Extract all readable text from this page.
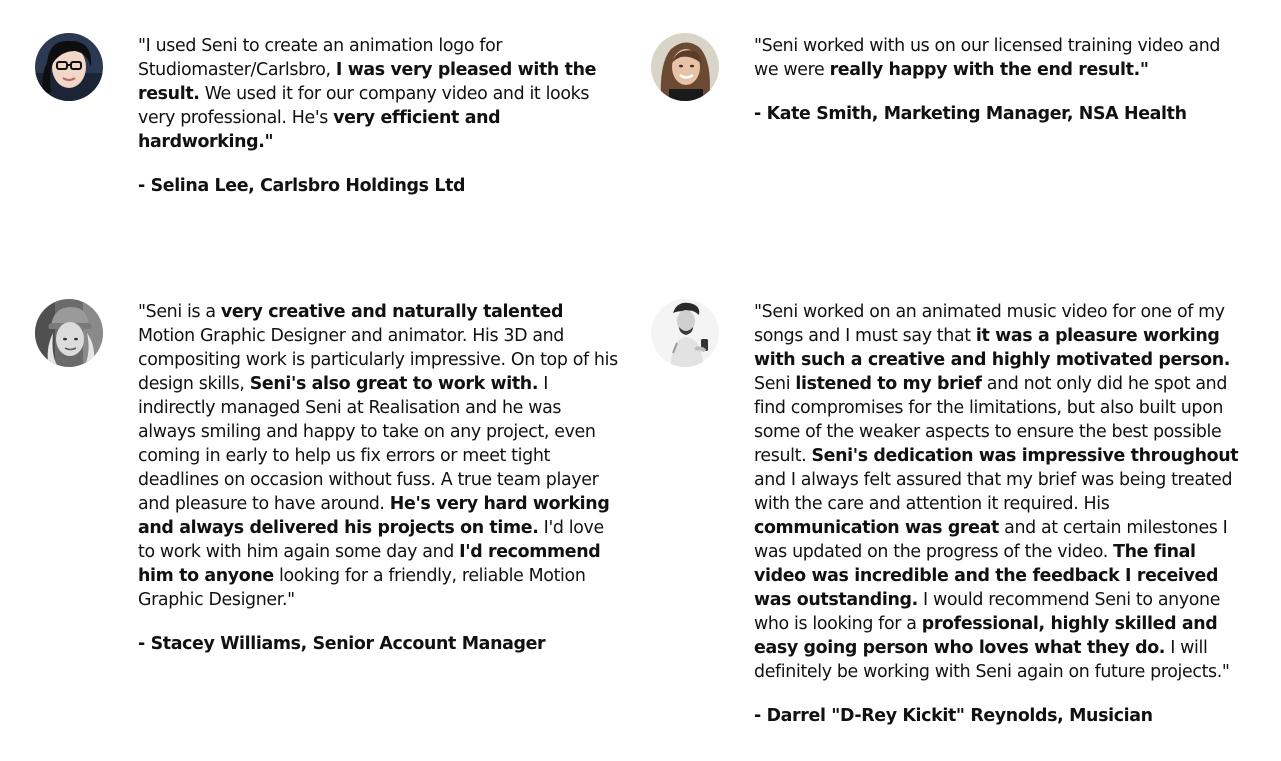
"I used Seni to create an animation logo for Studiomaster/Carlsbro, I was very pleased with the result. We used it for our company video and it looks very professional. He's very efficient and hardworking."

- Selina Lee, Carlsbro Holdings Ltd

"Seni worked with us on our licensed training video and we were really happy with the end result."

- Kate Smith, Marketing Manager, NSA Health

"Seni is a very creative and naturally talented Motion Graphic Designer and animator. His 3D and compositing work is particularly impressive. On top of his design skills, Seni's also great to work with. I indirectly managed Seni at Realisation and he was always smiling and happy to take on any project, even coming in early to help us fix errors or meet tight deadlines on occasion without fuss. A true team player and pleasure to have around. He's very hard working and always delivered his projects on time. I'd love to work with him again some day and I'd recommend him to anyone looking for a friendly, reliable Motion Graphic Designer."

- Stacey Williams, Senior Account Manager

"Seni worked on an animated music video for one of my songs and I must say that it was a pleasure working with such a creative and highly motivated person. Seni listened to my brief and not only did he spot and find compromises for the limitations, but also built upon some of the weaker aspects to ensure the best possible result. Seni's dedication was impressive throughout and I always felt assured that my brief was being treated with the care and attention it required. His communication was great and at certain milestones I was updated on the progress of the video. The final video was incredible and the feedback I received was outstanding. I would recommend Seni to anyone who is looking for a professional, highly skilled and easy going person who loves what they do. I will definitely be working with Seni again on future projects."

- Darrel "D-Rey Kickit" Reynolds, Musician
